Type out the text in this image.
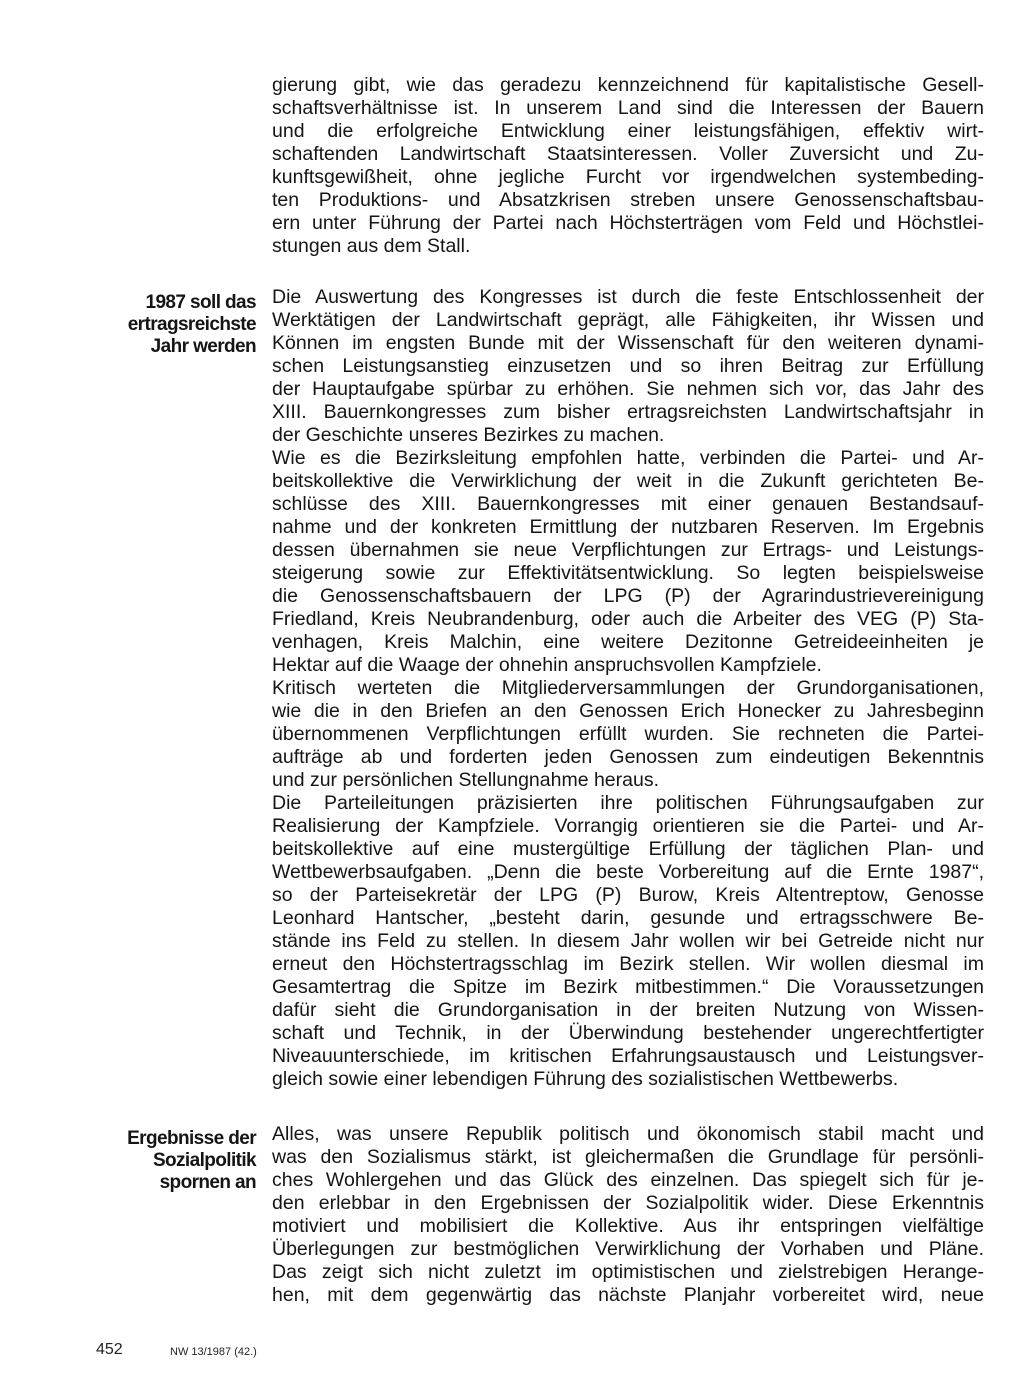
1987 soll das
ertragsreichste
Jahr werden
Ergebnisse der
Sozialpolitik
spornen an
gierung gibt, wie das geradezu kennzeichnend für kapitalistische Gesell-
schaftsverhältnisse ist. In unserem Land sind die Interessen der Bauern
und die erfolgreiche Entwicklung einer leistungsfähigen, effektiv wirt-
schaftenden Landwirtschaft Staatsinteressen. Voller Zuversicht und Zu-
kunftsgewißheit, ohne jegliche Furcht vor irgendwelchen systembeding-
ten Produktions- und Absatzkrisen streben unsere Genossenschaftsbau-
ern unter Führung der Partei nach Höchsterträgen vom Feld und Höchstlei-
stungen aus dem Stall.
Die Auswertung des Kongresses ist durch die feste Entschlossenheit der
Werktätigen der Landwirtschaft geprägt, alle Fähigkeiten, ihr Wissen und
Können im engsten Bunde mit der Wissenschaft für den weiteren dynami-
schen Leistungsanstieg einzusetzen und so ihren Beitrag zur Erfüllung
der Hauptaufgabe spürbar zu erhöhen. Sie nehmen sich vor, das Jahr des
XIII. Bauernkongresses zum bisher ertragsreichsten Landwirtschaftsjahr in
der Geschichte unseres Bezirkes zu machen.
Wie es die Bezirksleitung empfohlen hatte, verbinden die Partei- und Ar-
beitskollektive die Verwirklichung der weit in die Zukunft gerichteten Be-
schlüsse des XIII. Bauernkongresses mit einer genauen Bestandsauf-
nahme und der konkreten Ermittlung der nutzbaren Reserven. Im Ergebnis
dessen übernahmen sie neue Verpflichtungen zur Ertrags- und Leistungs-
steigerung sowie zur Effektivitätsentwicklung. So legten beispielsweise
die Genossenschaftsbauern der LPG (P) der Agrarindustrievereinigung
Friedland, Kreis Neubrandenburg, oder auch die Arbeiter des VEG (P) Sta-
venhagen, Kreis Malchin, eine weitere Dezitonne Getreideeinheiten je
Hektar auf die Waage der ohnehin anspruchsvollen Kampfziele.
Kritisch werteten die Mitgliederversammlungen der Grundorganisationen,
wie die in den Briefen an den Genossen Erich Honecker zu Jahresbeginn
übernommenen Verpflichtungen erfüllt wurden. Sie rechneten die Partei-
aufträge ab und forderten jeden Genossen zum eindeutigen Bekenntnis
und zur persönlichen Stellungnahme heraus.
Die Parteileitungen präzisierten ihre politischen Führungsaufgaben zur
Realisierung der Kampfziele. Vorrangig orientieren sie die Partei- und Ar-
beitskollektive auf eine mustergültige Erfüllung der täglichen Plan- und
Wettbewerbsaufgaben. „Denn die beste Vorbereitung auf die Ernte 1987“,
so der Parteisekretär der LPG (P) Burow, Kreis Altentreptow, Genosse
Leonhard Hantscher, „besteht darin, gesunde und ertragsschwere Be-
stände ins Feld zu stellen. In diesem Jahr wollen wir bei Getreide nicht nur
erneut den Höchstertragsschlag im Bezirk stellen. Wir wollen diesmal im
Gesamtertrag die Spitze im Bezirk mitbestimmen.“ Die Voraussetzungen
dafür sieht die Grundorganisation in der breiten Nutzung von Wissen-
schaft und Technik, in der Überwindung bestehender ungerechtfertigter
Niveauunterschiede, im kritischen Erfahrungsaustausch und Leistungsver-
gleich sowie einer lebendigen Führung des sozialistischen Wettbewerbs.
Alles, was unsere Republik politisch und ökonomisch stabil macht und
was den Sozialismus stärkt, ist gleichermaßen die Grundlage für persönli-
ches Wohlergehen und das Glück des einzelnen. Das spiegelt sich für je-
den erlebbar in den Ergebnissen der Sozialpolitik wider. Diese Erkenntnis
motiviert und mobilisiert die Kollektive. Aus ihr entspringen vielfältige
Überlegungen zur bestmöglichen Verwirklichung der Vorhaben und Pläne.
Das zeigt sich nicht zuletzt im optimistischen und zielstrebigen Herange-
hen, mit dem gegenwärtig das nächste Planjahr vorbereitet wird, neue
452	NW 13/1987 (42.)
